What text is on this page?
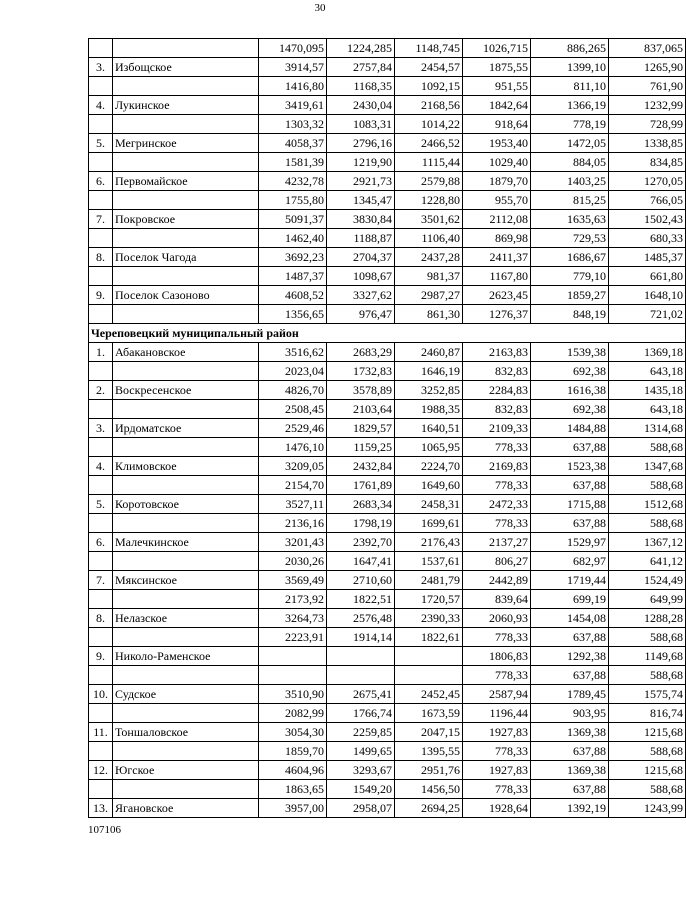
30
		1470,095	1224,285	1148,745	1026,715	886,265	837,065
3.	Избощское	3914,57	2757,84	2454,57	1875,55	1399,10	1265,90
		1416,80	1168,35	1092,15	951,55	811,10	761,90
4.	Лукинское	3419,61	2430,04	2168,56	1842,64	1366,19	1232,99
		1303,32	1083,31	1014,22	918,64	778,19	728,99
5.	Мегринское	4058,37	2796,16	2466,52	1953,40	1472,05	1338,85
		1581,39	1219,90	1115,44	1029,40	884,05	834,85
6.	Первомайское	4232,78	2921,73	2579,88	1879,70	1403,25	1270,05
		1755,80	1345,47	1228,80	955,70	815,25	766,05
7.	Покровское	5091,37	3830,84	3501,62	2112,08	1635,63	1502,43
		1462,40	1188,87	1106,40	869,98	729,53	680,33
8.	Поселок Чагода	3692,23	2704,37	2437,28	2411,37	1686,67	1485,37
		1487,37	1098,67	981,37	1167,80	779,10	661,80
9.	Поселок Сазоново	4608,52	3327,62	2987,27	2623,45	1859,27	1648,10
		1356,65	976,47	861,30	1276,37	848,19	721,02
Череповецкий муниципальный район							
1.	Абакановское	3516,62	2683,29	2460,87	2163,83	1539,38	1369,18
		2023,04	1732,83	1646,19	832,83	692,38	643,18
2.	Воскресенское	4826,70	3578,89	3252,85	2284,83	1616,38	1435,18
		2508,45	2103,64	1988,35	832,83	692,38	643,18
3.	Ирдоматское	2529,46	1829,57	1640,51	2109,33	1484,88	1314,68
		1476,10	1159,25	1065,95	778,33	637,88	588,68
4.	Климовское	3209,05	2432,84	2224,70	2169,83	1523,38	1347,68
		2154,70	1761,89	1649,60	778,33	637,88	588,68
5.	Коротовское	3527,11	2683,34	2458,31	2472,33	1715,88	1512,68
		2136,16	1798,19	1699,61	778,33	637,88	588,68
6.	Малечкинское	3201,43	2392,70	2176,43	2137,27	1529,97	1367,12
		2030,26	1647,41	1537,61	806,27	682,97	641,12
7.	Мяксинское	3569,49	2710,60	2481,79	2442,89	1719,44	1524,49
		2173,92	1822,51	1720,57	839,64	699,19	649,99
8.	Нелазское	3264,73	2576,48	2390,33	2060,93	1454,08	1288,28
		2223,91	1914,14	1822,61	778,33	637,88	588,68
9.	Николо-Раменское				1806,83	1292,38	1149,68
					778,33	637,88	588,68
10.	Судское	3510,90	2675,41	2452,45	2587,94	1789,45	1575,74
		2082,99	1766,74	1673,59	1196,44	903,95	816,74
11.	Тоншаловское	3054,30	2259,85	2047,15	1927,83	1369,38	1215,68
		1859,70	1499,65	1395,55	778,33	637,88	588,68
12.	Югское	4604,96	3293,67	2951,76	1927,83	1369,38	1215,68
		1863,65	1549,20	1456,50	778,33	637,88	588,68
13.	Ягановское	3957,00	2958,07	2694,25	1928,64	1392,19	1243,99
107106
